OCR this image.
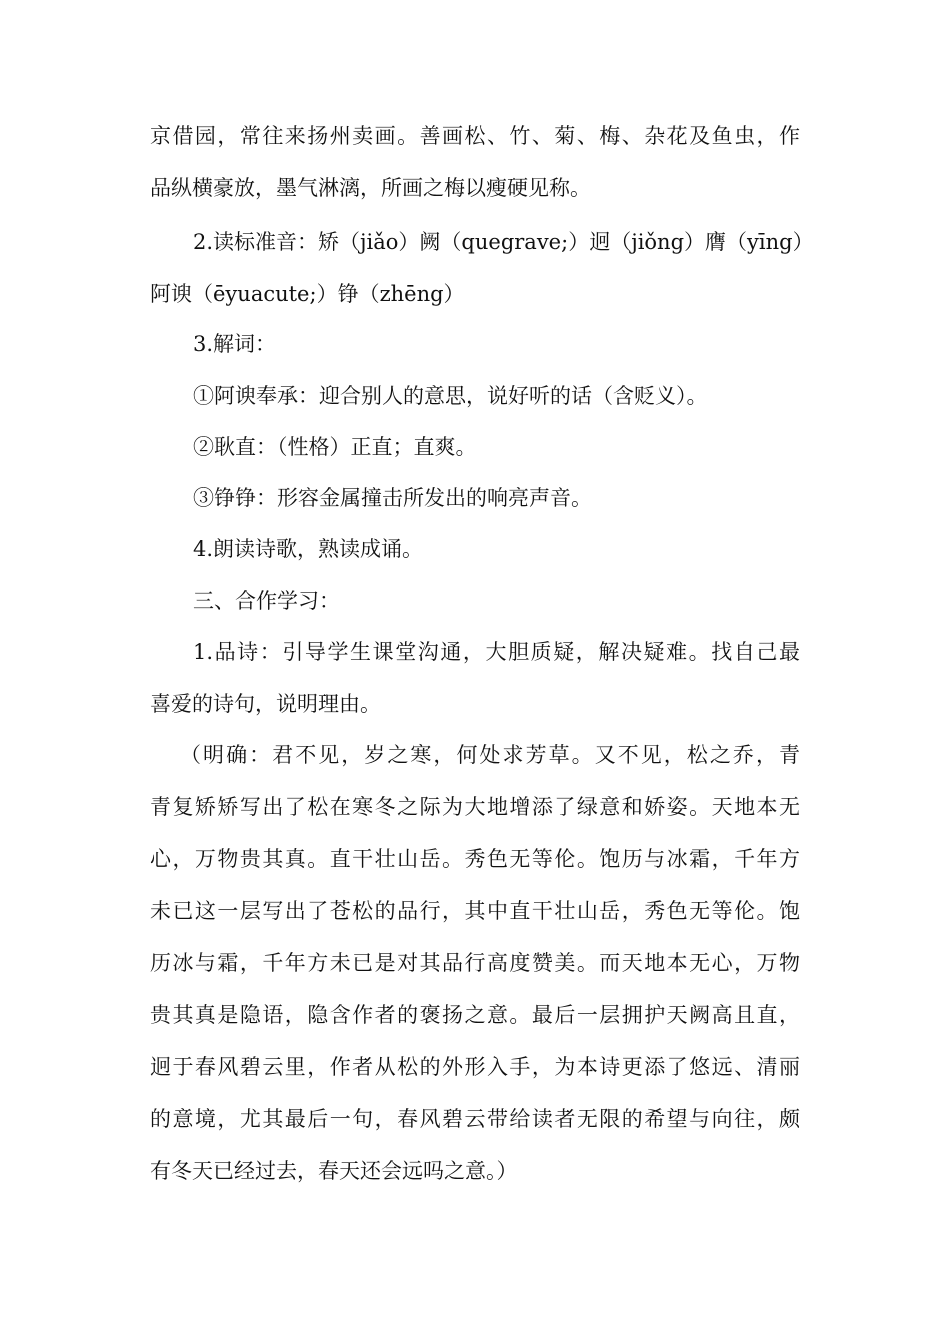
京借园，常往来扬州卖画。善画松、竹、菊、梅、杂花及鱼虫，作
品纵横豪放，墨气淋漓，所画之梅以瘦硬见称。

2.读标准音：矫（jiǎo）阙（quegrave;）迥（jiǒng）膺（yīng）
阿谀（ēyuacute;）铮（zhēng）

3.解词：

①阿谀奉承：迎合别人的意思，说好听的话（含贬义）。

②耿直：（性格）正直；直爽。

③铮铮：形容金属撞击所发出的响亮声音。

4.朗读诗歌，熟读成诵。

三、合作学习：

1.品诗：引导学生课堂沟通，大胆质疑，解决疑难。找自己最
喜爱的诗句，说明理由。

（明确：君不见，岁之寒，何处求芳草。又不见，松之乔，青
青复矫矫写出了松在寒冬之际为大地增添了绿意和娇姿。天地本无
心，万物贵其真。直干壮山岳。秀色无等伦。饱历与冰霜，千年方
未已这一层写出了苍松的品行，其中直干壮山岳，秀色无等伦。饱
历冰与霜，千年方未已是对其品行高度赞美。而天地本无心，万物
贵其真是隐语，隐含作者的褒扬之意。最后一层拥护天阙高且直，
迥于春风碧云里，作者从松的外形入手，为本诗更添了悠远、清丽
的意境，尤其最后一句，春风碧云带给读者无限的希望与向往，颇
有冬天已经过去，春天还会远吗之意。）
